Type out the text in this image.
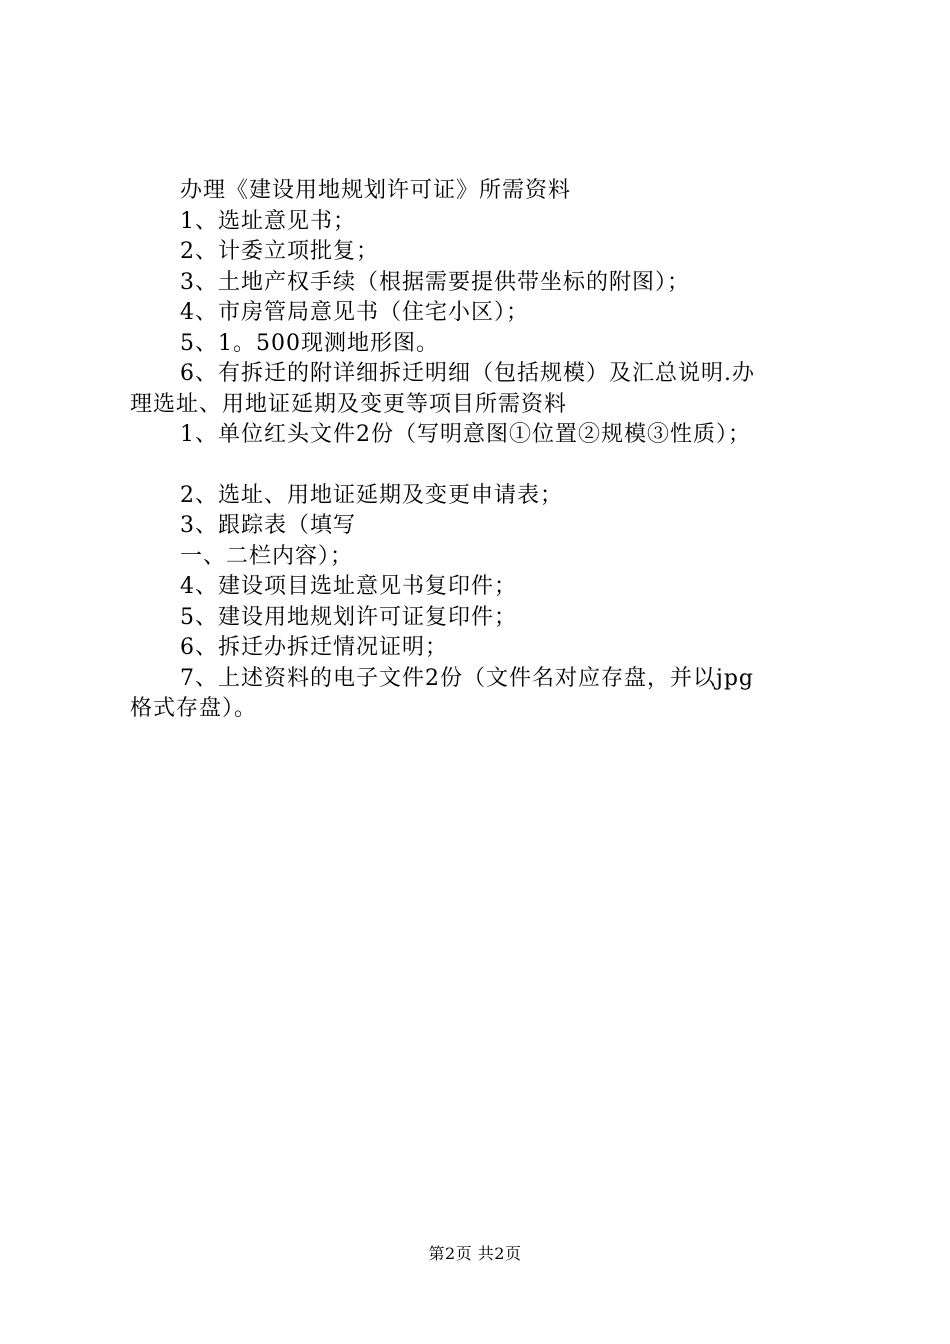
办理《建设用地规划许可证》所需资料
1、选址意见书；
2、计委立项批复；
3、土地产权手续（根据需要提供带坐标的附图）；
4、市房管局意见书（住宅小区）；
5、1。500现测地形图。
6、有拆迁的附详细拆迁明细（包括规模）及汇总说明.办
理选址、用地证延期及变更等项目所需资料
1、单位红头文件2份（写明意图①位置②规模③性质）；
2、选址、用地证延期及变更申请表；
3、跟踪表（填写
一、二栏内容）；
4、建设项目选址意见书复印件；
5、建设用地规划许可证复印件；
6、拆迁办拆迁情况证明；
7、上述资料的电子文件2份（文件名对应存盘，并以jpg
格式存盘）。
第2页 共2页
